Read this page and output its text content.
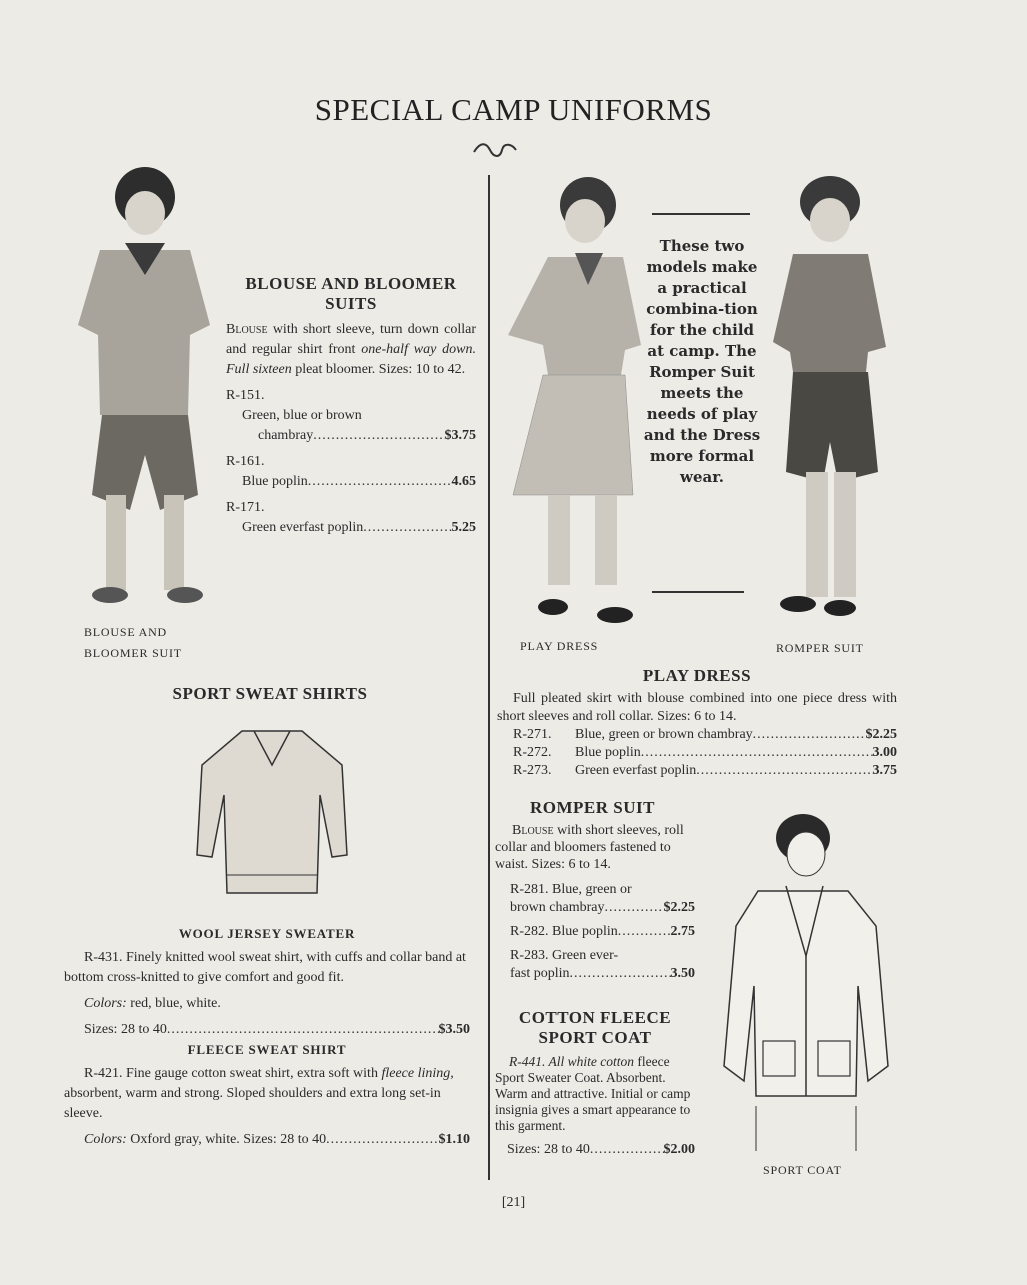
SPECIAL CAMP UNIFORMS
BLOUSE AND
BLOOMER SUIT
BLOUSE AND BLOOMER SUITS
Blouse with short sleeve, turn down collar and regular shirt front one-half way down. Full sixteen pleat bloomer. Sizes: 10 to 42.
R-151.
Green, blue or brown
chambray .....	$3.75
R-161.
Blue poplin .....	4.65
R-171.
Green everfast poplin .....	5.25
SPORT SWEAT SHIRTS
WOOL JERSEY SWEATER
R-431. Finely knitted wool sweat shirt, with cuffs and collar band at bottom cross-knitted to give comfort and good fit.
Colors: red, blue, white.
Sizes: 28 to 40 .....	$3.50
FLEECE SWEAT SHIRT
R-421. Fine gauge cotton sweat shirt, extra soft with fleece lining, absorbent, warm and strong. Sloped shoulders and extra long set-in sleeve.
Colors: Oxford gray, white. Sizes: 28 to 40 .....	$1.10
These two models make a practical combina-tion for the child at camp. The Romper Suit meets the needs of play and the Dress more formal wear.
PLAY DRESS	ROMPER SUIT
PLAY DRESS
Full pleated skirt with blouse combined into one piece dress with short sleeves and roll collar. Sizes: 6 to 14.
R-271.	Blue, green or brown chambray .....	$2.25
R-272.	Blue poplin .....	3.00
R-273.	Green everfast poplin .....	3.75
ROMPER SUIT
Blouse with short sleeves, roll collar and bloomers fastened to waist. Sizes: 6 to 14.
R-281. Blue, green or
brown chambray .....	$2.25
R-282. Blue poplin .....	2.75
R-283. Green ever-
fast poplin .....	3.50
COTTON FLEECE
SPORT COAT
R-441. All white cotton fleece Sport Sweater Coat. Absorbent. Warm and attractive. Initial or camp insignia gives a smart appearance to this garment.
Sizes: 28 to 40 .....	$2.00
SPORT COAT
[21]
